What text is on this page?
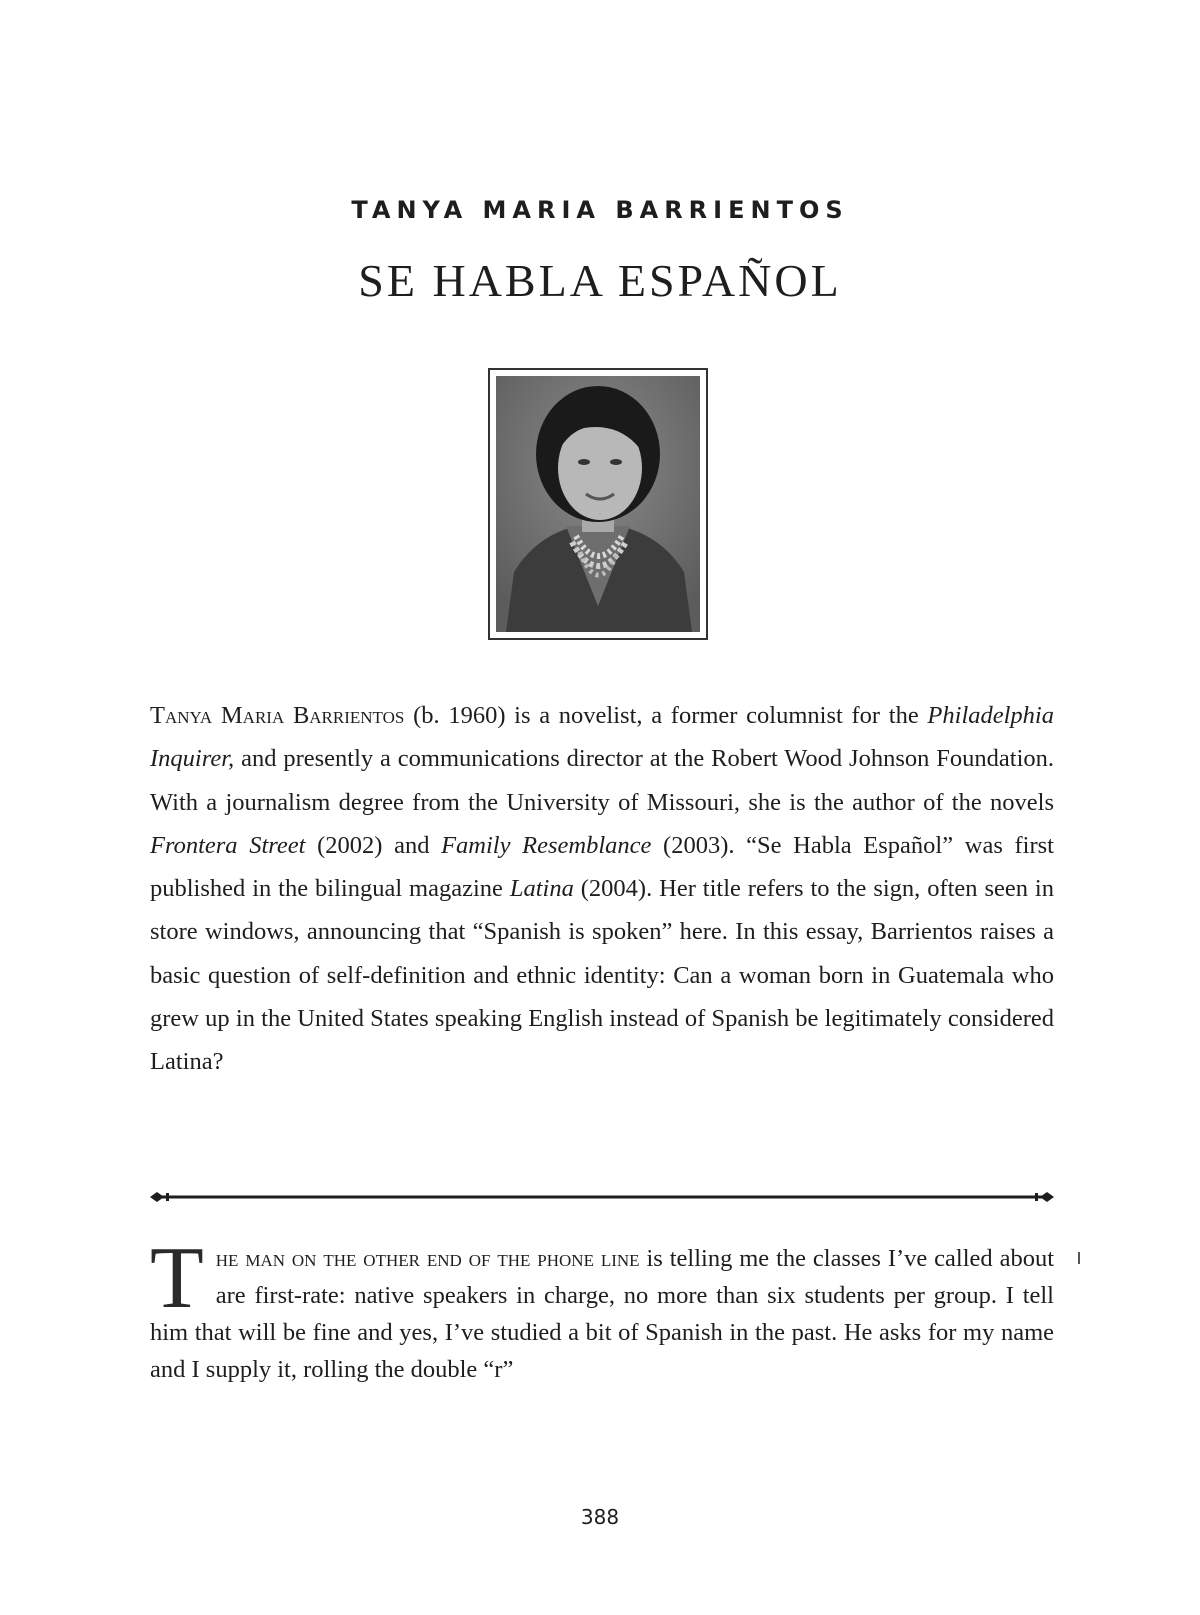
TANYA MARIA BARRIENTOS
SE HABLA ESPAÑOL

Tanya Maria Barrientos (b. 1960) is a novelist, a former columnist for the Philadelphia Inquirer, and presently a communications director at the Robert Wood Johnson Foundation. With a journalism degree from the University of Missouri, she is the author of the novels Frontera Street (2002) and Family Resemblance (2003). “Se Habla Español” was first published in the bilingual magazine Latina (2004). Her title refers to the sign, often seen in store windows, announcing that “Spanish is spoken” here. In this essay, Barrientos raises a basic question of self-definition and ethnic identity: Can a woman born in Guatemala who grew up in the United States speaking English instead of Spanish be legitimately considered Latina?

The man on the other end of the phone line is telling me the classes I’ve called about are first-rate: native speakers in charge, no more than six students per group. I tell him that will be fine and yes, I’ve studied a bit of Spanish in the past. He asks for my name and I supply it, rolling the double “r”

388
